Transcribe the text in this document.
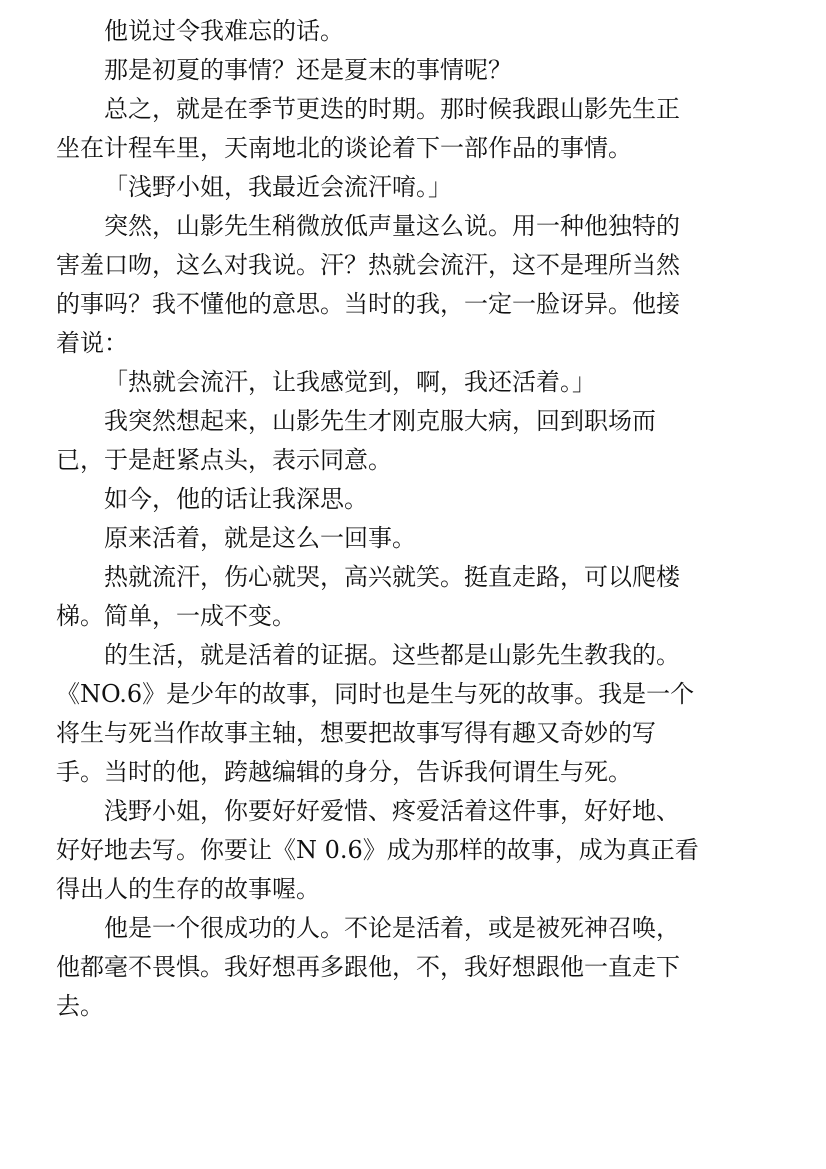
他说过令我难忘的话。

那是初夏的事情？还是夏末的事情呢？

总之，就是在季节更迭的时期。那时候我跟山影先生正
坐在计程车里，天南地北的谈论着下一部作品的事情。

「浅野小姐，我最近会流汗唷。」

突然，山影先生稍微放低声量这么说。用一种他独特的
害羞口吻，这么对我说。汗？热就会流汗，这不是理所当然
的事吗？我不懂他的意思。当时的我，一定一脸讶异。他接
着说：

「热就会流汗，让我感觉到，啊，我还活着。」

我突然想起来，山影先生才刚克服大病，回到职场而
已，于是赶紧点头，表示同意。

如今，他的话让我深思。

原来活着，就是这么一回事。

热就流汗，伤心就哭，高兴就笑。挺直走路，可以爬楼
梯。简单，一成不变。

的生活，就是活着的证据。这些都是山影先生教我的。
《NO.6》是少年的故事，同时也是生与死的故事。我是一个
将生与死当作故事主轴，想要把故事写得有趣又奇妙的写
手。当时的他，跨越编辑的身分，告诉我何谓生与死。

浅野小姐，你要好好爱惜、疼爱活着这件事，好好地、
好好地去写。你要让《N 0.6》成为那样的故事，成为真正看
得出人的生存的故事喔。

他是一个很成功的人。不论是活着，或是被死神召唤，
他都毫不畏惧。我好想再多跟他，不，我好想跟他一直走下
去。
